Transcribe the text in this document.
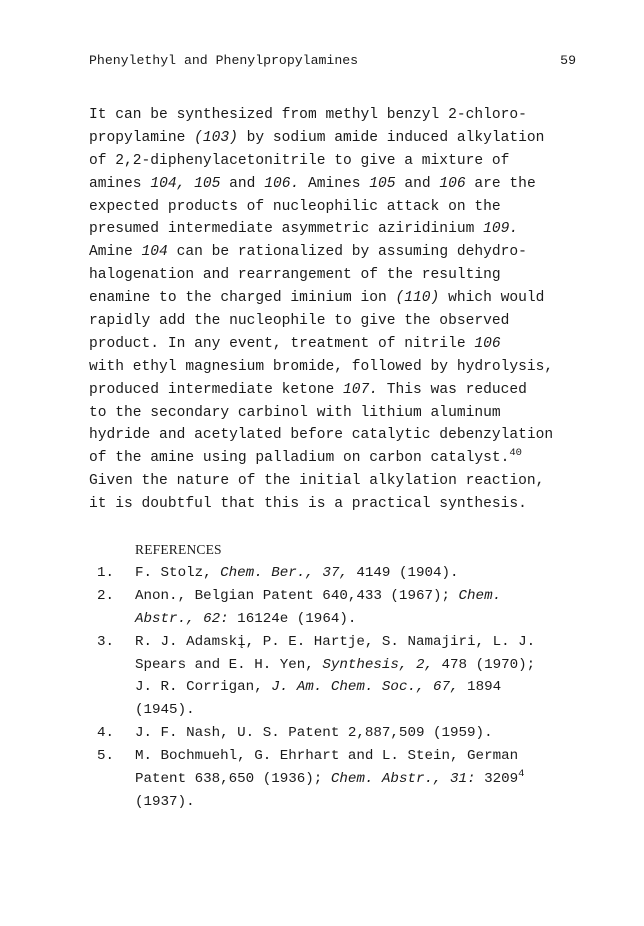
Phenylethyl and Phenylpropylamines	59
It can be synthesized from methyl benzyl 2-chloro-
propylamine (103) by sodium amide induced alkylation
of 2,2-diphenylacetonitrile to give a mixture of
amines 104, 105 and 106. Amines 105 and 106 are the
expected products of nucleophilic attack on the
presumed intermediate asymmetric aziridinium 109.
Amine 104 can be rationalized by assuming dehydro-
halogenation and rearrangement of the resulting
enamine to the charged iminium ion (110) which would
rapidly add the nucleophile to give the observed
product. In any event, treatment of nitrile 106
with ethyl magnesium bromide, followed by hydrolysis,
produced intermediate ketone 107. This was reduced
to the secondary carbinol with lithium aluminum
hydride and acetylated before catalytic debenzylation
of the amine using palladium on carbon catalyst.$^{40}$
Given the nature of the initial alkylation reaction,
it is doubtful that this is a practical synthesis.
REFERENCES
1. F. Stolz, Chem. Ber., 37, 4149 (1904).
2. Anon., Belgian Patent 640,433 (1967); Chem.
Abstr., 62: 16124e (1964).
3. R. J. Adamskį, P. E. Hartje, S. Namajiri, L. J.
Spears and E. H. Yen, Synthesis, 2, 478 (1970);
J. R. Corrigan, J. Am. Chem. Soc., 67, 1894
(1945).
4. J. F. Nash, U. S. Patent 2,887,509 (1959).
5. M. Bochmuehl, G. Ehrhart and L. Stein, German
Patent 638,650 (1936); Chem. Abstr., 31: 3209$^4$
(1937).
